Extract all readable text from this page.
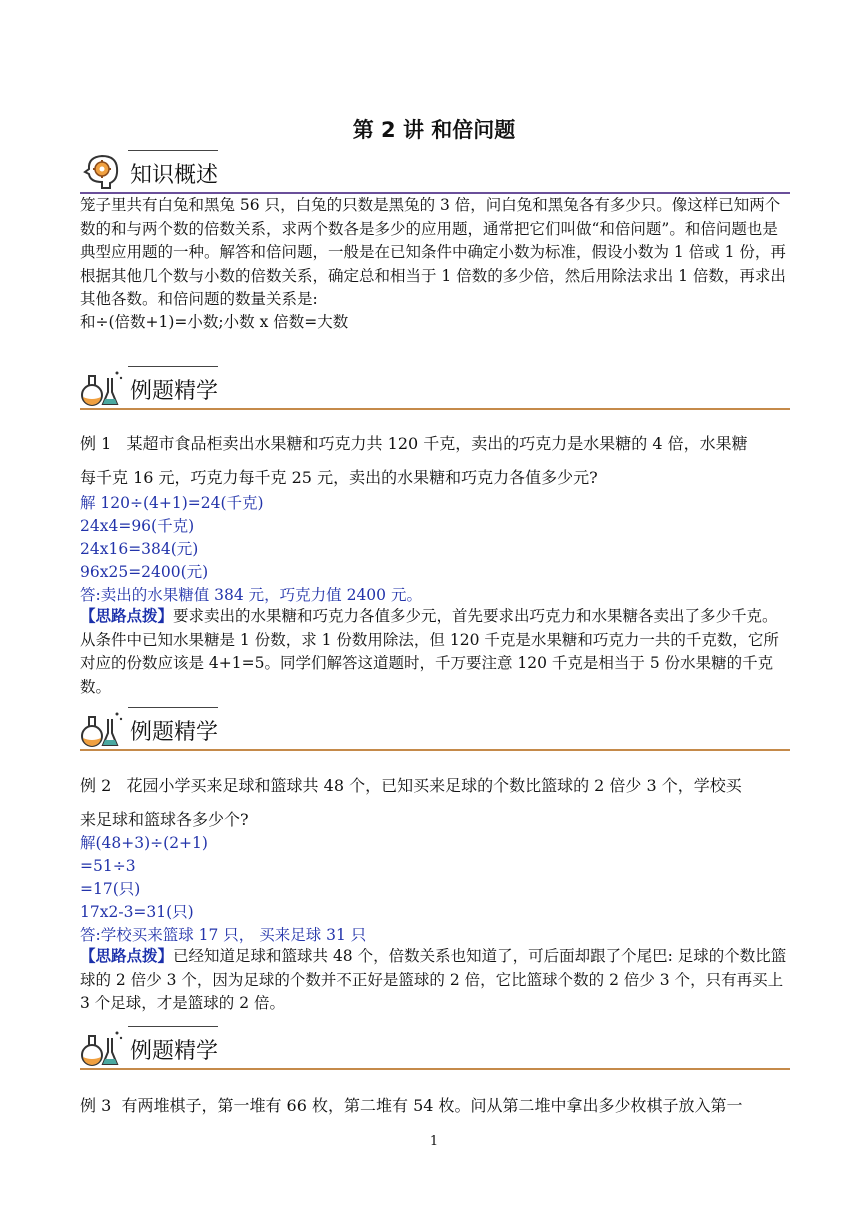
第 2 讲 和倍问题
知识概述
笼子里共有白兔和黑兔 56 只，白兔的只数是黑兔的 3 倍，问白兔和黑兔各有多少只。像这样已知两个数的和与两个数的倍数关系，求两个数各是多少的应用题，通常把它们叫做“和倍问题”。和倍问题也是典型应用题的一种。解答和倍问题，一般是在已知条件中确定小数为标准，假设小数为 1 倍或 1 份，再根据其他几个数与小数的倍数关系，确定总和相当于 1 倍数的多少倍，然后用除法求出 1 倍数，再求出其他各数。和倍问题的数量关系是:
和÷(倍数+1)=小数;小数 x 倍数=大数
例题精学
例 1 某超市食品柜卖出水果糖和巧克力共 120 千克，卖出的巧克力是水果糖的 4 倍，水果糖
每千克 16 元，巧克力每千克 25 元，卖出的水果糖和巧克力各值多少元?
解 120÷(4+1)=24(千克)
24x4=96(千克)
24x16=384(元)
96x25=2400(元)
答:卖出的水果糖值 384 元，巧克力值 2400 元。
【思路点拨】要求卖出的水果糖和巧克力各值多少元，首先要求出巧克力和水果糖各卖出了多少千克。从条件中已知水果糖是 1 份数，求 1 份数用除法，但 120 千克是水果糖和巧克力一共的千克数，它所对应的份数应该是 4+1=5。同学们解答这道题时，千万要注意 120 千克是相当于 5 份水果糖的千克数。
例题精学
例 2 花园小学买来足球和篮球共 48 个，已知买来足球的个数比篮球的 2 倍少 3 个，学校买
来足球和篮球各多少个?
解(48+3)÷(2+1)
=51÷3
=17(只)
17x2-3=31(只)
答:学校买来篮球 17 只， 买来足球 31 只
【思路点拨】已经知道足球和篮球共 48 个，倍数关系也知道了，可后面却跟了个尾巴: 足球的个数比篮球的 2 倍少 3 个，因为足球的个数并不正好是篮球的 2 倍，它比篮球个数的 2 倍少 3 个，只有再买上 3 个足球，才是篮球的 2 倍。
例题精学
例 3 有两堆棋子，第一堆有 66 枚，第二堆有 54 枚。问从第二堆中拿出多少枚棋子放入第一
1
